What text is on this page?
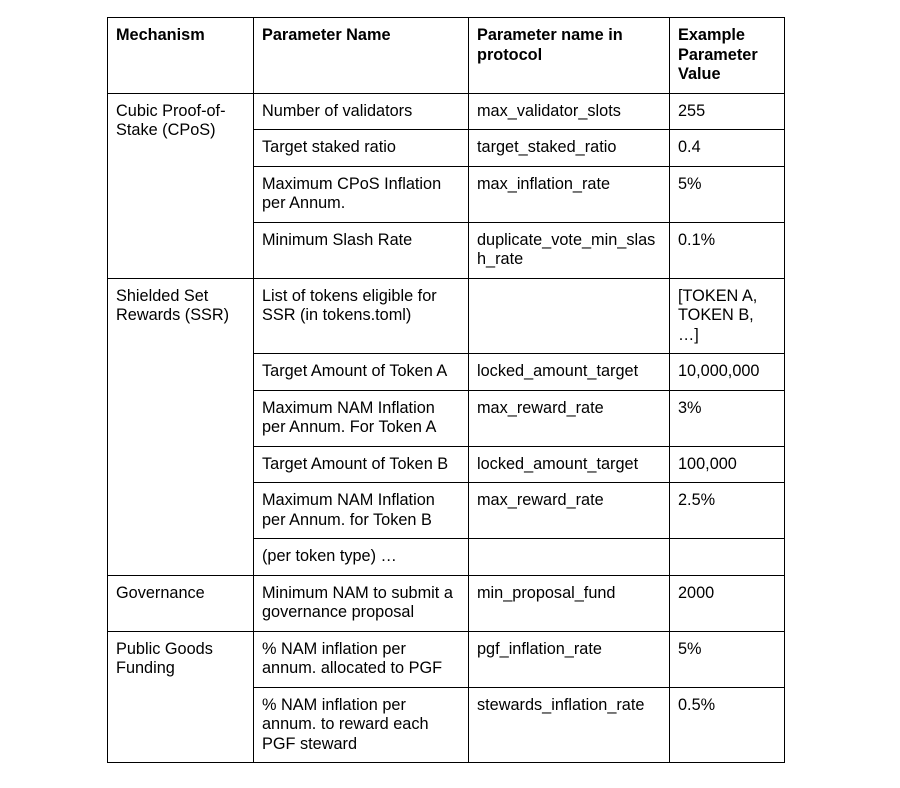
Mechanism	Parameter Name	Parameter name in protocol	Example Parameter Value
Cubic Proof-of-Stake (CPoS)	Number of validators	max_validator_slots	255
	Target staked ratio	target_staked_ratio	0.4
	Maximum CPoS Inflation per Annum.	max_inflation_rate	5%
	Minimum Slash Rate	duplicate_vote_min_slash_rate	0.1%
Shielded Set Rewards (SSR)	List of tokens eligible for SSR (in tokens.toml)		[TOKEN A, TOKEN B, …]
	Target Amount of Token A	locked_amount_target	10,000,000
	Maximum NAM Inflation per Annum. For Token A	max_reward_rate	3%
	Target Amount of Token B	locked_amount_target	100,000
	Maximum NAM Inflation per Annum. for Token B	max_reward_rate	2.5%
	(per token type) …		
Governance	Minimum NAM to submit a governance proposal	min_proposal_fund	2000
Public Goods Funding	% NAM inflation per annum. allocated to PGF	pgf_inflation_rate	5%
	% NAM inflation per annum. to reward each PGF steward	stewards_inflation_rate	0.5%
